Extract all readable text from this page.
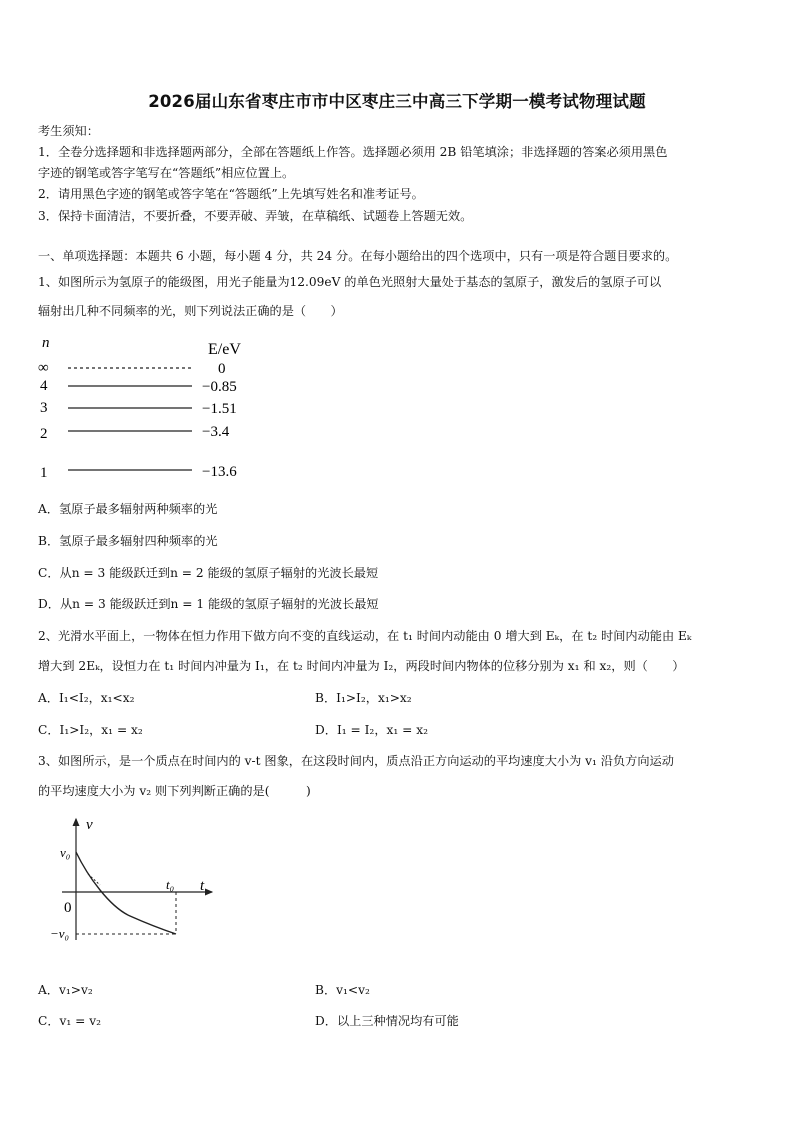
2026届山东省枣庄市市中区枣庄三中高三下学期一模考试物理试题
考生须知：
1．全卷分选择题和非选择题两部分，全部在答题纸上作答。选择题必须用 2B 铅笔填涂；非选择题的答案必须用黑色
字迹的钢笔或答字笔写在“答题纸”相应位置上。
2．请用黑色字迹的钢笔或答字笔在“答题纸”上先填写姓名和准考证号。
3．保持卡面清洁，不要折叠，不要弄破、弄皱，在草稿纸、试题卷上答题无效。
一、单项选择题：本题共 6 小题，每小题 4 分，共 24 分。在每小题给出的四个选项中，只有一项是符合题目要求的。
1、如图所示为氢原子的能级图，用光子能量为12.09eV 的单色光照射大量处于基态的氢原子，激发后的氢原子可以
辐射出几种不同频率的光，则下列说法正确的是（　　）
n	E/eV
∞	0
4	−0.85
3	−1.51
2	−3.4
1	−13.6
A．氢原子最多辐射两种频率的光
B．氢原子最多辐射四种频率的光
C．从n = 3 能级跃迁到n = 2 能级的氢原子辐射的光波长最短
D．从n = 3 能级跃迁到n = 1 能级的氢原子辐射的光波长最短
2、光滑水平面上，一物体在恒力作用下做方向不变的直线运动，在 t₁ 时间内动能由 0 增大到 Eₖ，在 t₂ 时间内动能由 Eₖ
增大到 2Eₖ，设恒力在 t₁ 时间内冲量为 I₁，在 t₂ 时间内冲量为 I₂，两段时间内物体的位移分别为 x₁ 和 x₂，则（　　）
A．I₁<I₂，x₁<x₂	B．I₁>I₂，x₁>x₂
C．I₁>I₂，x₁ = x₂	D．I₁ = I₂，x₁ = x₂
3、如图所示，是一个质点在时间内的 v-t 图象，在这段时间内，质点沿正方向运动的平均速度大小为 v₁ 沿负方向运动
的平均速度大小为 v₂ 则下列判断正确的是(　　　)
v
t
v₀
0
−v₀
t₀
A．v₁>v₂	B．v₁<v₂
C．v₁ = v₂	D．以上三种情况均有可能
